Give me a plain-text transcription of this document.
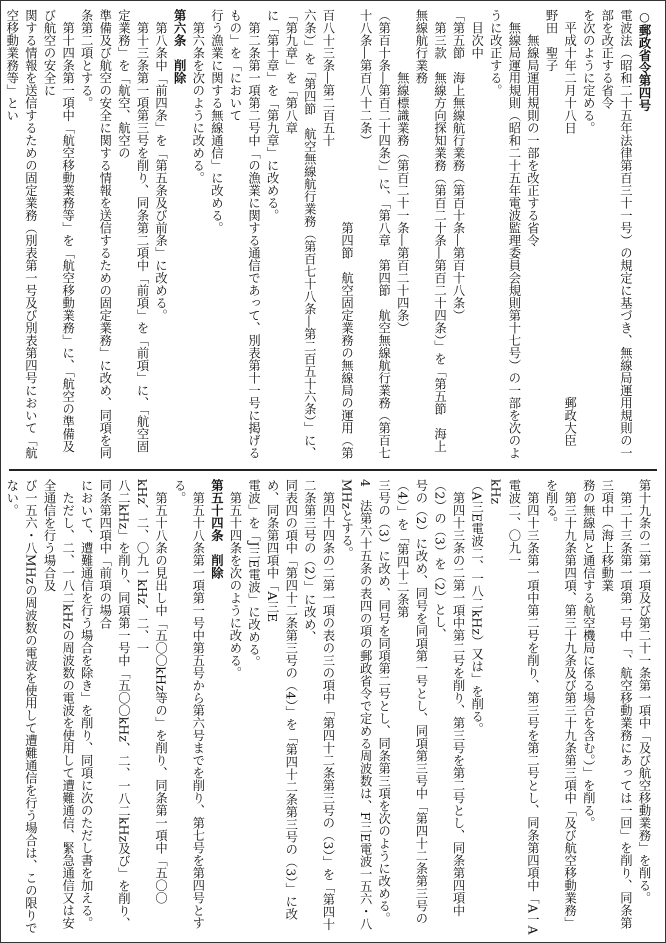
○郵政省令第四号
電波法（昭和二十五年法律第百三十一号）の規定に基づき、無線局運用規則の一部を改正する省令
を次のように定める。
　平成十年二月十八日　　　　　　　　　　　　　　　　　　　　　郵政大臣　野田　聖子
　　無線局運用規則の一部を改正する省令
　無線局運用規則（昭和二十五年電波監理委員会規則第十七号）の一部を次のように改正する。
　目次中
「第五節　海上無線航行業務（第百十条―第百十八条）
　第三款　無線方向探知業務（第百二十条―第百二十四条）」を「第五節　海上無線航行業務
　　　　　無線標識業務（第百二十一条―第百二十四条）
（第百十条―第百二十四条）」に、「第八章　第四節　航空無線航行業務（第百七十八条―第百八十二条）
　　　　　　　　　　　　　　　　　第四節　航空固定業務の無線局の運用（第百八十三条―第二百五十
六条）」を「第四節　航空無線航行業務（第百七十八条―第二百五十六条）」に、「第九章」を「第八章
に「第十章」を「第九章」に改める。
　第二条第一項第二号中「の漁業に関する通信であって、別表第十一号に掲げるもの」を「において
行う漁業に関する無線通信」に改める。
　第六条を次のように改める。
第六条　削除
　第八条中「前四条」を「第五条及び前条」に改める。
　第十三条第一項第三号を削り、同条第二項中「前項」を「前項」に、「航空固定業務」を「航空、航空の
準備及び航空の安全に関する情報を送信するための固定業務」に改め、同項を同条第二項とする。
　第十四条第一項中「航空移動業務等」を「航空移動業務」に、「航空の準備及び航空の安全に
関する情報を送信するための固定業務（別表第一号及び別表第四号において「航空移動業務等」とい
第十九条の二第一項及び第二十一条第一項中「及び航空移動業務」を削る。
　第二十三条第一項第一号中「、航空移動業務にあっては一回」を削り、同条第三項中（海上移動業
務の無線局と通信する航空機局に係る場合を含む。）」を削る。
　第三十九条第四項、第三十九条及び第三十九条第三項中「及び航空移動業務」を削る。
　第四十三条第一項中第二号を削り、第三号を第二号とし、同条第四項中「A一A電波二、〇九一
kHz
（A三E電波二、一八二kHz）又は」を削る。
　第四十三条の二第一項中第二号を削り、第三号を第二号とし、同条第四項中（2）の（3）を（2）とし、
号の（2）に改め、同号を同項第一号とし、同項第三号中「第四十二条第三号の（4）」を「第四十二条第
三号の（3）に改め、同号を同項第二号とし、同条第三項を次のように改める。
4　法第六十五条の表四の項の郵政省令で定める周波数は、F三E電波一五六・八MHzとする。
　第四十四条の二第一項の表の三の項中「第四十二条第三号の（3）」を「第四十二条第三号の（2）」に改め、
同表四の項中「第四十二条第三号の（4）」を「第四十二条第三号の（3）」に改め、同条第四項中「A三E
電波」を「J三E電波」に改める。
　第五十四条を次のように改める。
第五十四条　削除
　第五十八条第一項第一号中第五号から第六号までを削り、第七号を第四号とする。
　第五十八条の見出し中「五〇〇kHz等の」を削り、同条第一項中「五〇〇kHz、二、〇九一kHz、二、一
八二kHz」を削り、同項第一号中「五〇〇kHz、二、一八二kHz及び」を削り、同条第四項中「前項の場合
において、遭難通信を行う場合を除き」を削り、同項に次のただし書を加える。
　ただし、二、一八二kHzの周波数の電波を使用して遭難通信、緊急通信又は安全通信を行う場合及
び一五六・八MHzの周波数の電波を使用して遭難通信を行う場合は、この限りでない。
